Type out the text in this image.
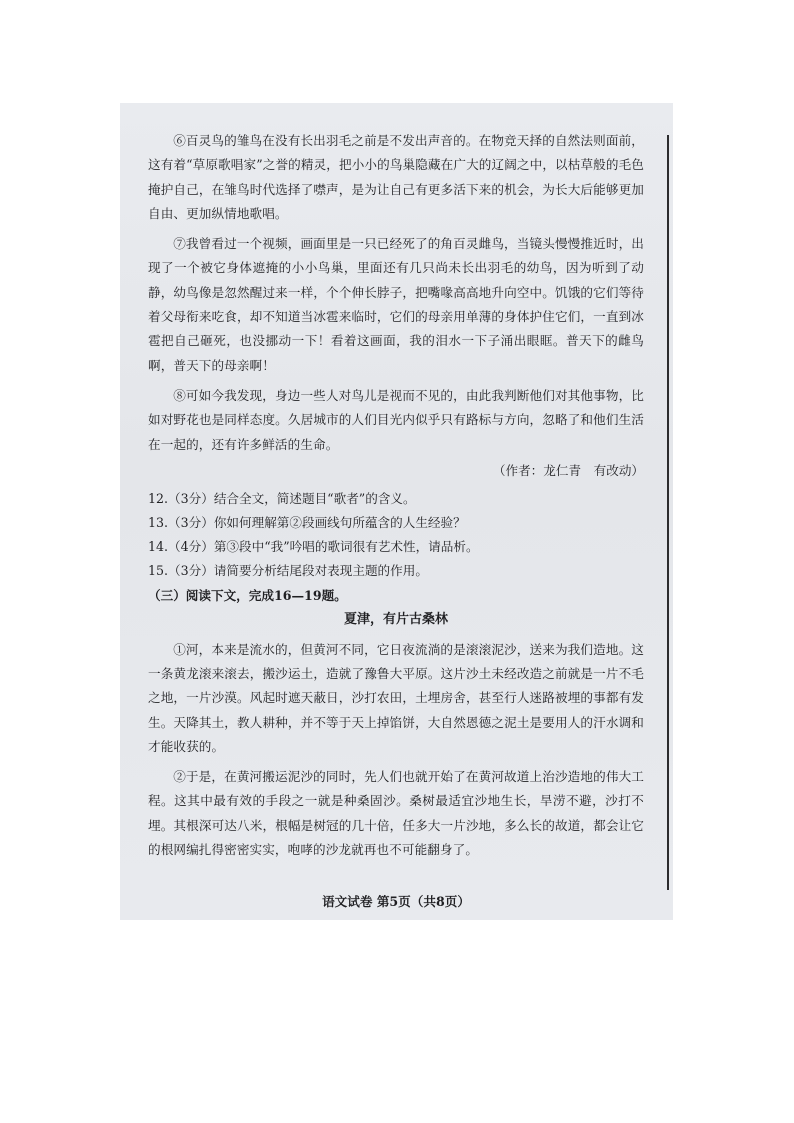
⑥百灵鸟的雏鸟在没有长出羽毛之前是不发出声音的。在物竞天择的自然法则面前，这有着“草原歌唱家”之誉的精灵，把小小的鸟巢隐藏在广大的辽阔之中，以枯草般的毛色掩护自己，在雏鸟时代选择了噤声，是为让自己有更多活下来的机会，为长大后能够更加自由、更加纵情地歌唱。

⑦我曾看过一个视频，画面里是一只已经死了的角百灵雌鸟，当镜头慢慢推近时，出现了一个被它身体遮掩的小小鸟巢，里面还有几只尚未长出羽毛的幼鸟，因为听到了动静，幼鸟像是忽然醒过来一样，个个伸长脖子，把嘴喙高高地升向空中。饥饿的它们等待着父母衔来吃食，却不知道当冰雹来临时，它们的母亲用单薄的身体护住它们，一直到冰雹把自己砸死，也没挪动一下！看着这画面，我的泪水一下子涌出眼眶。普天下的雌鸟啊，普天下的母亲啊！

⑧可如今我发现，身边一些人对鸟儿是视而不见的，由此我判断他们对其他事物，比如对野花也是同样态度。久居城市的人们目光内似乎只有路标与方向，忽略了和他们生活在一起的，还有许多鲜活的生命。

（作者：龙仁青　有改动）

12.（3分）结合全文，简述题目“歌者”的含义。

13.（3分）你如何理解第②段画线句所蕴含的人生经验？

14.（4分）第③段中“我”吟唱的歌词很有艺术性，请品析。

15.（3分）请简要分析结尾段对表现主题的作用。

（三）阅读下文，完成16—19题。

夏津，有片古桑林

①河，本来是流水的，但黄河不同，它日夜流淌的是滚滚泥沙，送来为我们造地。这一条黄龙滚来滚去，搬沙运土，造就了豫鲁大平原。这片沙土未经改造之前就是一片不毛之地，一片沙漠。风起时遮天蔽日，沙打农田，土埋房舍，甚至行人迷路被埋的事都有发生。天降其土，教人耕种，并不等于天上掉馅饼，大自然恩德之泥土是要用人的汗水调和才能收获的。

②于是，在黄河搬运泥沙的同时，先人们也就开始了在黄河故道上治沙造地的伟大工程。这其中最有效的手段之一就是种桑固沙。桑树最适宜沙地生长，旱涝不避，沙打不埋。其根深可达八米，根幅是树冠的几十倍，任多大一片沙地，多么长的故道，都会让它的根网编扎得密密实实，咆哮的沙龙就再也不可能翻身了。

语文试卷 第5页（共8页）
